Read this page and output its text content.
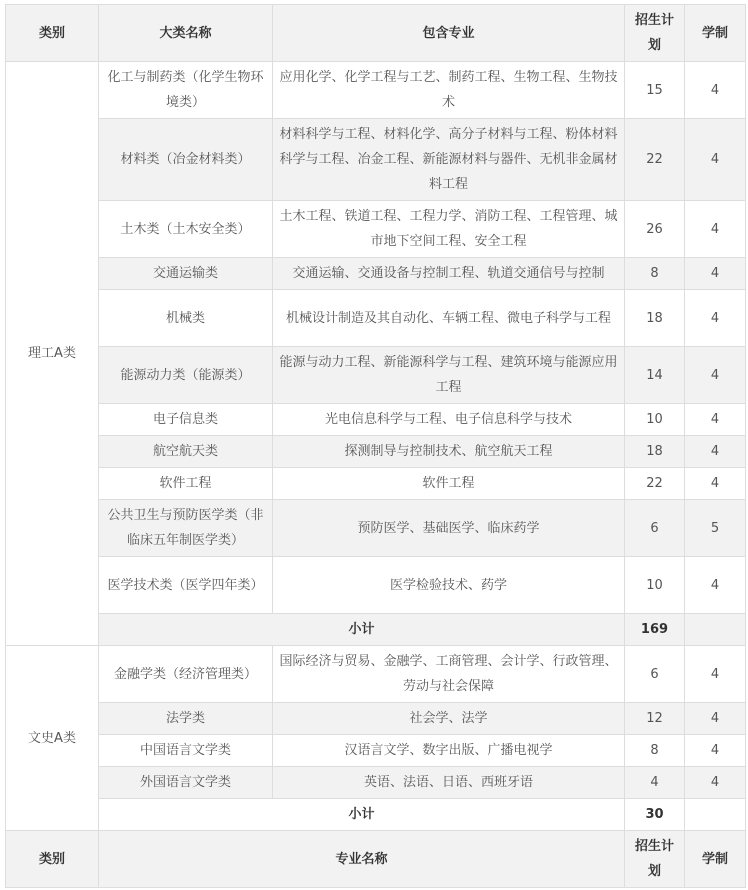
类别	大类名称	包含专业	招生计划	学制
理工A类	化工与制药类（化学生物环境类）	应用化学、化学工程与工艺、制药工程、生物工程、生物技术	15	4
	材料类（冶金材料类）	材料科学与工程、材料化学、高分子材料与工程、粉体材料科学与工程、冶金工程、新能源材料与器件、无机非金属材料工程	22	4
	土木类（土木安全类）	土木工程、铁道工程、工程力学、消防工程、工程管理、城市地下空间工程、安全工程	26	4
	交通运输类	交通运输、交通设备与控制工程、轨道交通信号与控制	8	4
	机械类	机械设计制造及其自动化、车辆工程、微电子科学与工程	18	4
	能源动力类（能源类）	能源与动力工程、新能源科学与工程、建筑环境与能源应用工程	14	4
	电子信息类	光电信息科学与工程、电子信息科学与技术	10	4
	航空航天类	探测制导与控制技术、航空航天工程	18	4
	软件工程	软件工程	22	4
	公共卫生与预防医学类（非临床五年制医学类）	预防医学、基础医学、临床药学	6	5
	医学技术类（医学四年类）	医学检验技术、药学	10	4
	小计		169	
文史A类	金融学类（经济管理类）	国际经济与贸易、金融学、工商管理、会计学、行政管理、劳动与社会保障	6	4
	法学类	社会学、法学	12	4
	中国语言文学类	汉语言文学、数字出版、广播电视学	8	4
	外国语言文学类	英语、法语、日语、西班牙语	4	4
	小计		30	
类别	专业名称		招生计划	学制
